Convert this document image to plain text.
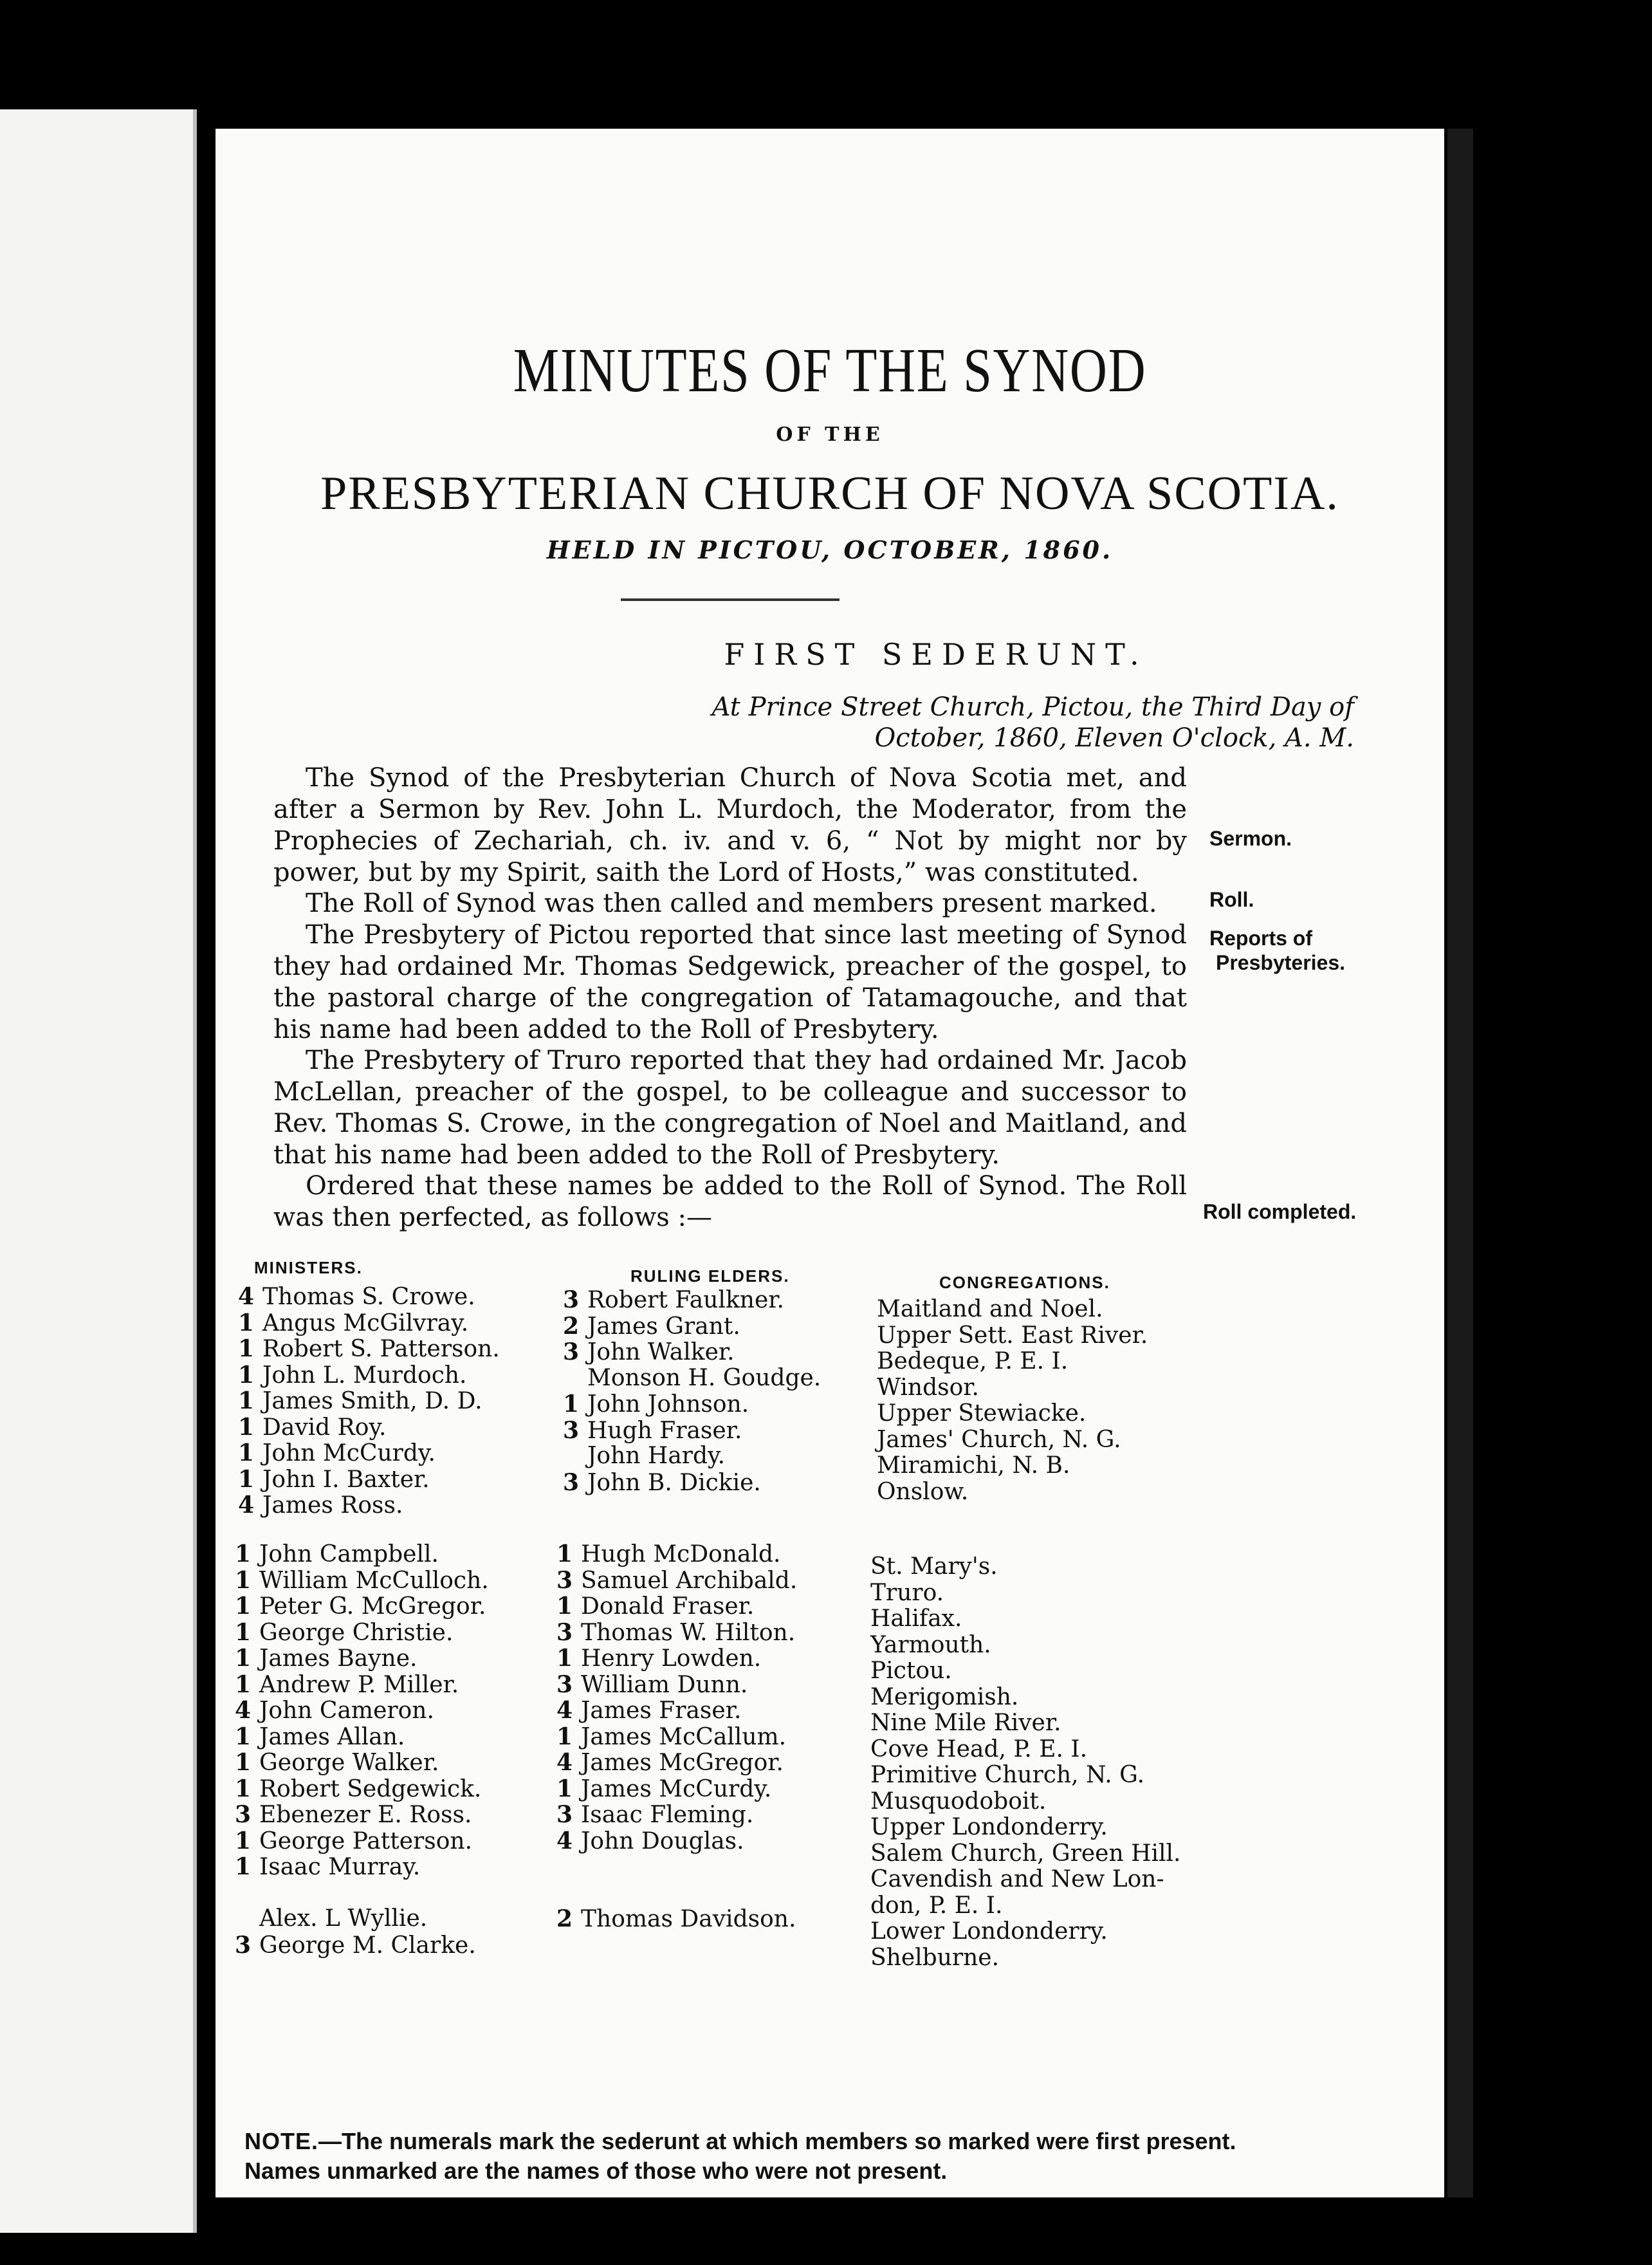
MINUTES OF THE SYNOD
OF THE
PRESBYTERIAN CHURCH OF NOVA SCOTIA.
HELD IN PICTOU, OCTOBER, 1860.
FIRST SEDERUNT.
At Prince Street Church, Pictou, the Third Day of
October, 1860, Eleven O'clock, A. M.
The Synod of the Presbyterian Church of Nova Scotia met, and after a Sermon by Rev. John L. Murdoch, the Moderator, from the Prophecies of Zechariah, ch. iv. and v. 6, “ Not by might nor by power, but by my Spirit, saith the Lord of Hosts,” was constituted.
The Roll of Synod was then called and members present marked.
The Presbytery of Pictou reported that since last meeting of Synod they had ordained Mr. Thomas Sedgewick, preacher of the gospel, to the pastoral charge of the congregation of Tatamagouche, and that his name had been added to the Roll of Presbytery.
The Presbytery of Truro reported that they had ordained Mr. Jacob McLellan, preacher of the gospel, to be colleague and successor to Rev. Thomas S. Crowe, in the congregation of Noel and Maitland, and that his name had been added to the Roll of Presbytery.
Ordered that these names be added to the Roll of Synod. The Roll was then perfected, as follows :—
Sermon.
Roll.
Reports of
Presbyteries.
Roll completed.
MINISTERS.	RULING ELDERS.	CONGREGATIONS.
4 Thomas S. Crowe.
1 Angus McGilvray.
1 Robert S. Patterson.
1 John L. Murdoch.
1 James Smith, D. D.
1 David Roy.
1 John McCurdy.
1 John I. Baxter.
4 James Ross.
3 Robert Faulkner.
2 James Grant.
3 John Walker.
Monson H. Goudge.
1 John Johnson.
3 Hugh Fraser.
John Hardy.
3 John B. Dickie.
Maitland and Noel.
Upper Sett. East River.
Bedeque, P. E. I.
Windsor.
Upper Stewiacke.
James' Church, N. G.
Miramichi, N. B.
Onslow.
1 John Campbell.
1 William McCulloch.
1 Peter G. McGregor.
1 George Christie.
1 James Bayne.
1 Andrew P. Miller.
4 John Cameron.
1 James Allan.
1 George Walker.
1 Robert Sedgewick.
3 Ebenezer E. Ross.
1 George Patterson.
1 Isaac Murray.
Alex. L Wyllie.
3 George M. Clarke.
1 Hugh McDonald.
3 Samuel Archibald.
1 Donald Fraser.
3 Thomas W. Hilton.
1 Henry Lowden.
3 William Dunn.
4 James Fraser.
1 James McCallum.
4 James McGregor.
1 James McCurdy.
3 Isaac Fleming.
4 John Douglas.
2 Thomas Davidson.
St. Mary's.
Truro.
Halifax.
Yarmouth.
Pictou.
Merigomish.
Nine Mile River.
Cove Head, P. E. I.
Primitive Church, N. G.
Musquodoboit.
Upper Londonderry.
Salem Church, Green Hill.
Cavendish and New Lon-
don, P. E. I.
Lower Londonderry.
Shelburne.
NOTE.—The numerals mark the sederunt at which members so marked were first present. Names unmarked are the names of those who were not present.
